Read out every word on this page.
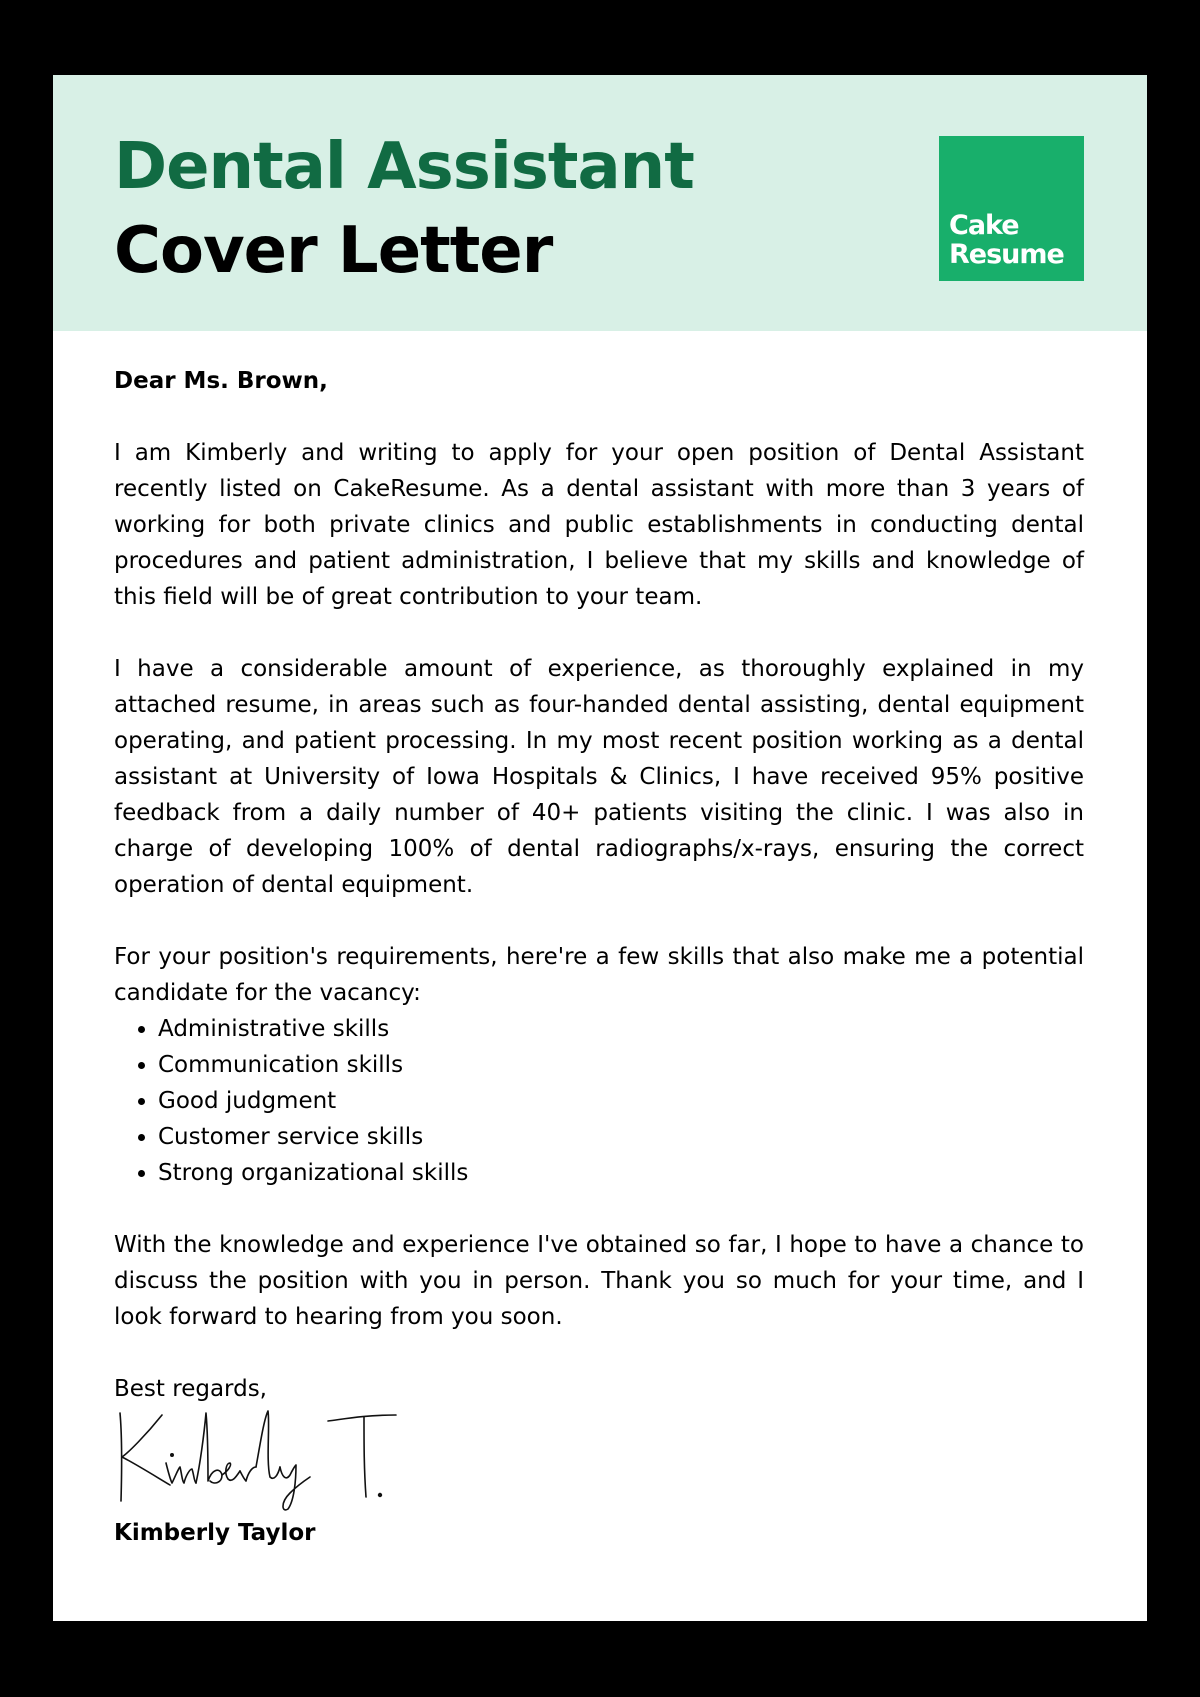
Dental Assistant
Cover Letter	Cake
Resume

Dear Ms. Brown,

I am Kimberly and writing to apply for your open position of Dental Assistant recently listed on CakeResume. As a dental assistant with more than 3 years of working for both private clinics and public establishments in conducting dental procedures and patient administration, I believe that my skills and knowledge of this field will be of great contribution to your team.

I have a considerable amount of experience, as thoroughly explained in my attached resume, in areas such as four-handed dental assisting, dental equipment operating, and patient processing. In my most recent position working as a dental assistant at University of Iowa Hospitals & Clinics, I have received 95% positive feedback from a daily number of 40+ patients visiting the clinic. I was also in charge of developing 100% of dental radiographs/x-rays, ensuring the correct operation of dental equipment.

For your position's requirements, here're a few skills that also make me a potential candidate for the vacancy:

• Administrative skills
• Communication skills
• Good judgment
• Customer service skills
• Strong organizational skills

With the knowledge and experience I've obtained so far, I hope to have a chance to discuss the position with you in person. Thank you so much for your time, and I look forward to hearing from you soon.

Best regards,

Kimberly Taylor
